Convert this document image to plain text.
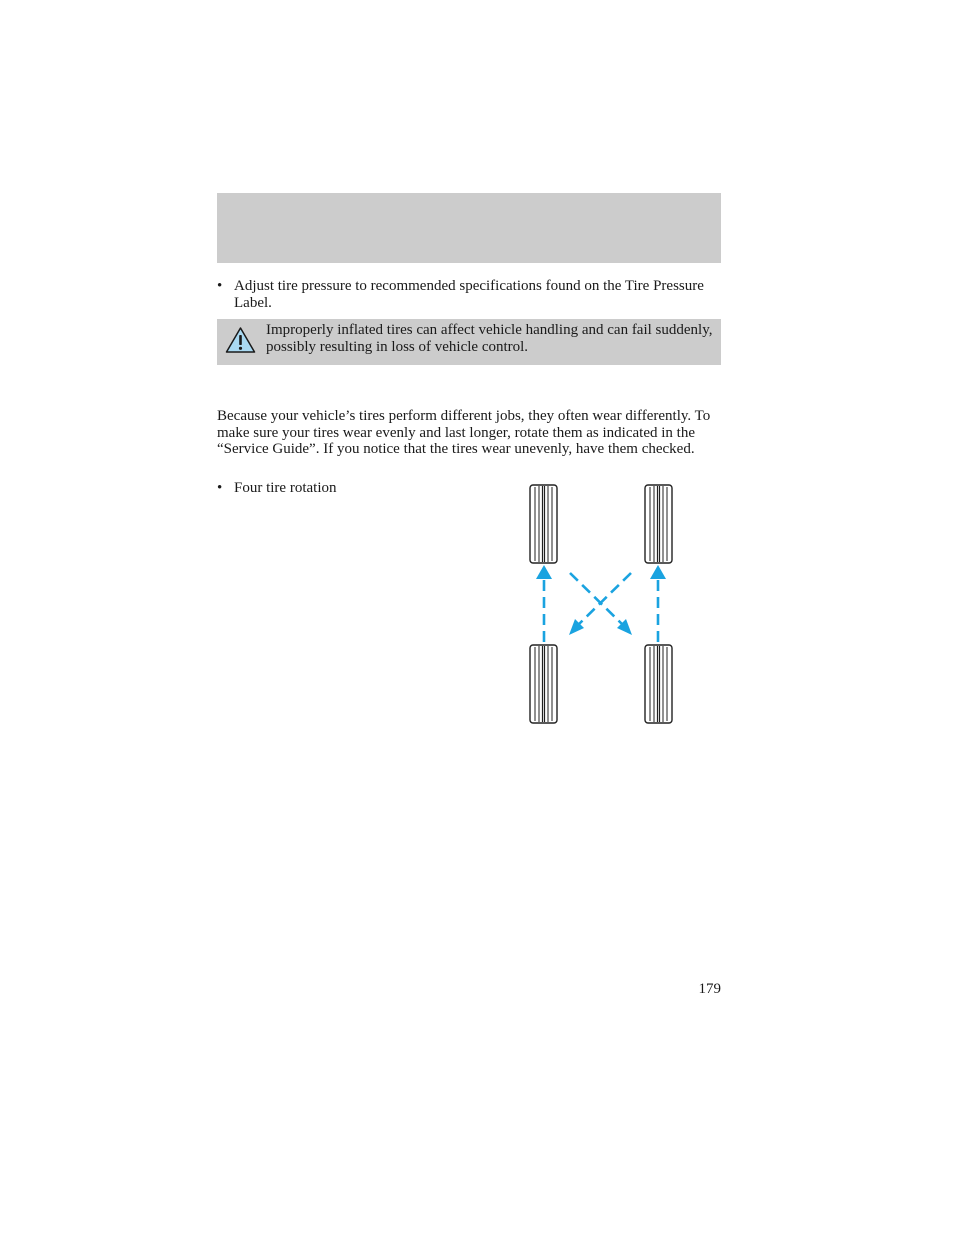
• Adjust tire pressure to recommended specifications found on the Tire Pressure Label.
Improperly inflated tires can affect vehicle handling and can fail suddenly, possibly resulting in loss of vehicle control.
Because your vehicle’s tires perform different jobs, they often wear differently. To make sure your tires wear evenly and last longer, rotate them as indicated in the “Service Guide”. If you notice that the tires wear unevenly, have them checked.
• Four tire rotation
179
